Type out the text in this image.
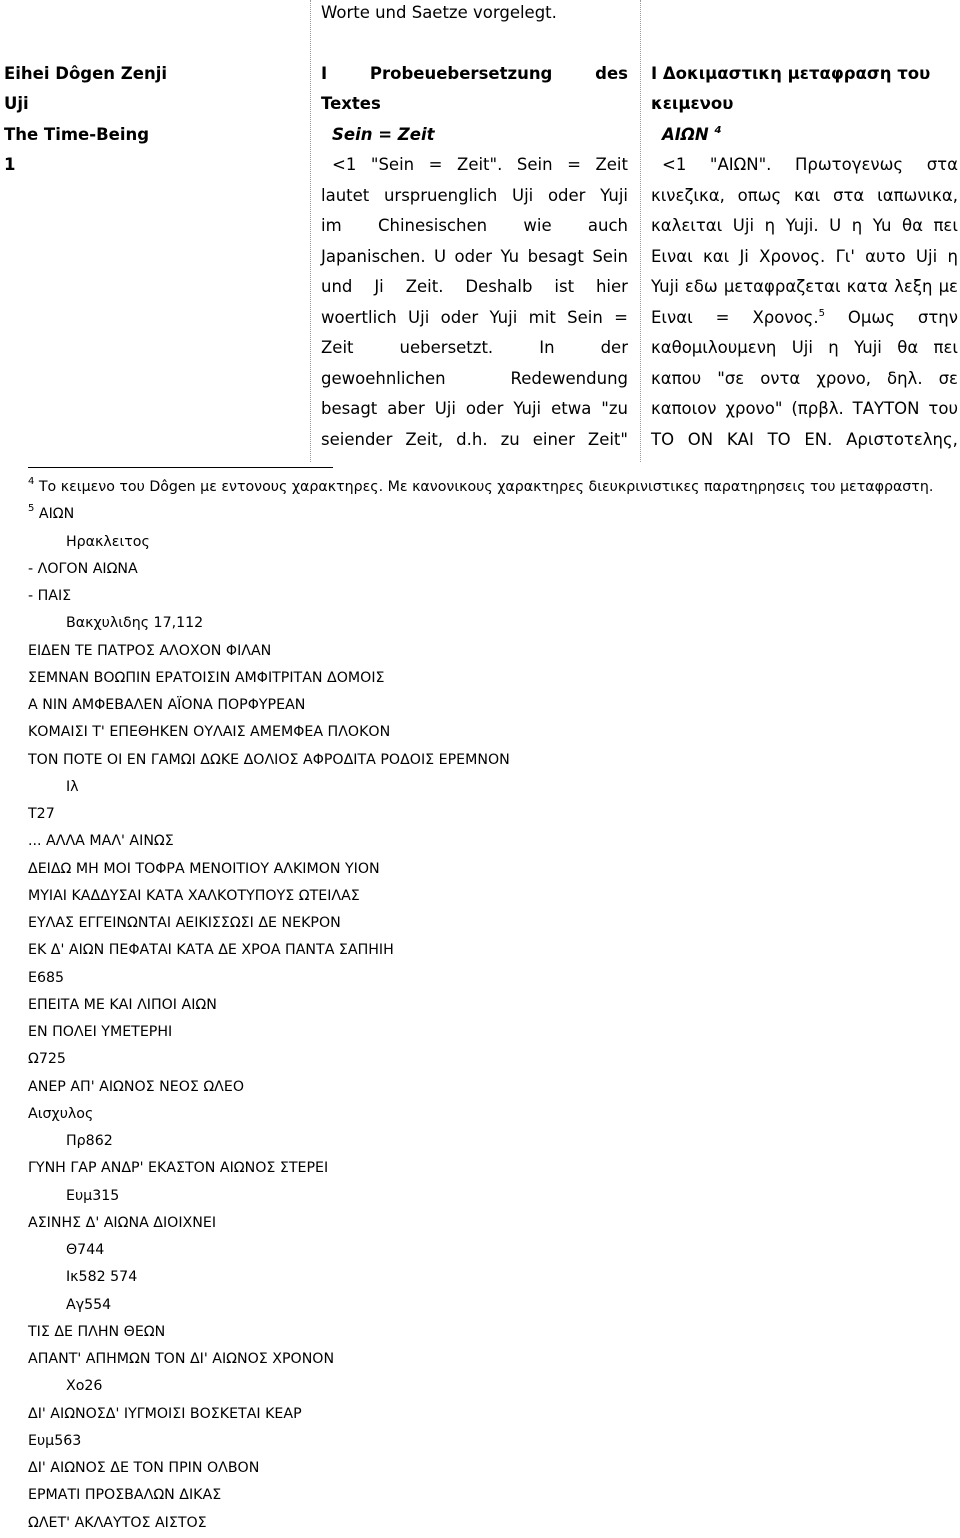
Eihei Dôgen Zenji
Uji
The Time-Being
1
Worte und Saetze vorgelegt.
I	Probeuebersetzung	des
Textes
Sein = Zeit
<1 "Sein = Zeit". Sein = Zeit
lautet urspruenglich Uji oder Yuji
im Chinesischen wie auch
Japanischen. U oder Yu besagt Sein
und Ji Zeit. Deshalb ist hier
woertlich Uji oder Yuji mit Sein =
Zeit	uebersetzt.	In	der
gewoehnlichen	Redewendung
besagt aber Uji oder Yuji etwa "zu
seiender Zeit, d.h. zu einer Zeit"
Ι Δοκιμαστικη μεταφραση του
κειμενου
ΑΙΩΝ $^4$
<1 "ΑΙΩΝ". Πρωτογενως στα
κινεζικα, οπως και στα ιαπωνικα,
καλειται Uji η Yuji. U η Yu θα πει
Ειναι και Ji Χρονος. Γι' αυτο Uji η
Yuji εδω μεταφραζεται κατα λεξη με
Ειναι = Χρονος.$^5$ Ομως στην
καθομιλουμενη Uji η Yuji θα πει
καπου "σε οντα χρονο, δηλ. σε
καποιον χρονο" (πρβλ. ΤΑΥΤΟΝ του
ΤΟ ΟΝ ΚΑΙ ΤΟ ΕΝ. Αριστοτελης,
$^4$ Το κειμενο του Dôgen με εντονους χαρακτηρες. Με κανονικους χαρακτηρες διευκρινιστικες παρατηρησεις του μεταφραστη.
$^5$ ΑΙΩΝ
Ηρακλειτος
- ΛΟΓΟΝ ΑΙΩΝΑ
- ΠΑΙΣ
Βακχυλιδης 17,112
ΕΙΔΕΝ ΤΕ ΠΑΤΡΟΣ ΑΛΟΧΟΝ ΦΙΛΑΝ
ΣΕΜΝΑΝ ΒΟΩΠΙΝ ΕΡΑΤΟΙΣΙΝ ΑΜΦΙΤΡΙΤΑΝ ΔΟΜΟΙΣ
Α ΝΙΝ ΑΜΦΕΒΑΛΕΝ ΑΪΟΝΑ ΠΟΡΦΥΡΕΑΝ
ΚΟΜΑΙΣΙ Τ' ΕΠΕΘΗΚΕΝ ΟΥΛΑΙΣ ΑΜΕΜΦΕΑ ΠΛΟΚΟΝ
ΤΟΝ ΠΟΤΕ ΟΙ ΕΝ ΓΑΜΩΙ ΔΩΚΕ ΔΟΛΙΟΣ ΑΦΡΟΔΙΤΑ ΡΟΔΟΙΣ ΕΡΕΜΝΟΝ
Ιλ
Τ27
... ΑΛΛΑ ΜΑΛ' ΑΙΝΩΣ
ΔΕΙΔΩ ΜΗ ΜΟΙ ΤΟΦΡΑ ΜΕΝΟΙΤΙΟΥ ΑΛΚΙΜΟΝ ΥΙΟΝ
ΜΥΙΑΙ ΚΑΔΔΥΣΑΙ ΚΑΤΑ ΧΑΛΚΟΤΥΠΟΥΣ ΩΤΕΙΛΑΣ
ΕΥΛΑΣ ΕΓΓΕΙΝΩΝΤΑΙ ΑΕΙΚΙΣΣΩΣΙ ΔΕ ΝΕΚΡΟΝ
ΕΚ Δ' ΑΙΩΝ ΠΕΦΑΤΑΙ ΚΑΤΑ ΔΕ ΧΡΟΑ ΠΑΝΤΑ ΣΑΠΗΙΗ
Ε685
ΕΠΕΙΤΑ ΜΕ ΚΑΙ ΛΙΠΟΙ ΑΙΩΝ
ΕΝ ΠΟΛΕΙ ΥΜΕΤΕΡΗΙ
Ω725
ΑΝΕΡ ΑΠ' ΑΙΩΝΟΣ ΝΕΟΣ ΩΛΕΟ
Αισχυλος
Πρ862
ΓΥΝΗ ΓΑΡ ΑΝΔΡ' ΕΚΑΣΤΟΝ ΑΙΩΝΟΣ ΣΤΕΡΕΙ
Ευμ315
ΑΣΙΝΗΣ Δ' ΑΙΩΝΑ ΔΙΟΙΧΝΕΙ
Θ744
Ικ582 574
Αγ554
ΤΙΣ ΔΕ ΠΛΗΝ ΘΕΩΝ
ΑΠΑΝΤ' ΑΠΗΜΩΝ ΤΟΝ ΔΙ' ΑΙΩΝΟΣ ΧΡΟΝΟΝ
Χο26
ΔΙ' ΑΙΩΝΟΣΔ' ΙΥΓΜΟΙΣΙ ΒΟΣΚΕΤΑΙ ΚΕΑΡ
Ευμ563
ΔΙ' ΑΙΩΝΟΣ ΔΕ ΤΟΝ ΠΡΙΝ ΟΛΒΟΝ
ΕΡΜΑΤΙ ΠΡΟΣΒΑΛΩΝ ΔΙΚΑΣ
ΩΛΕΤ' ΑΚΛΑΥΤΟΣ ΑΙΣΤΟΣ
